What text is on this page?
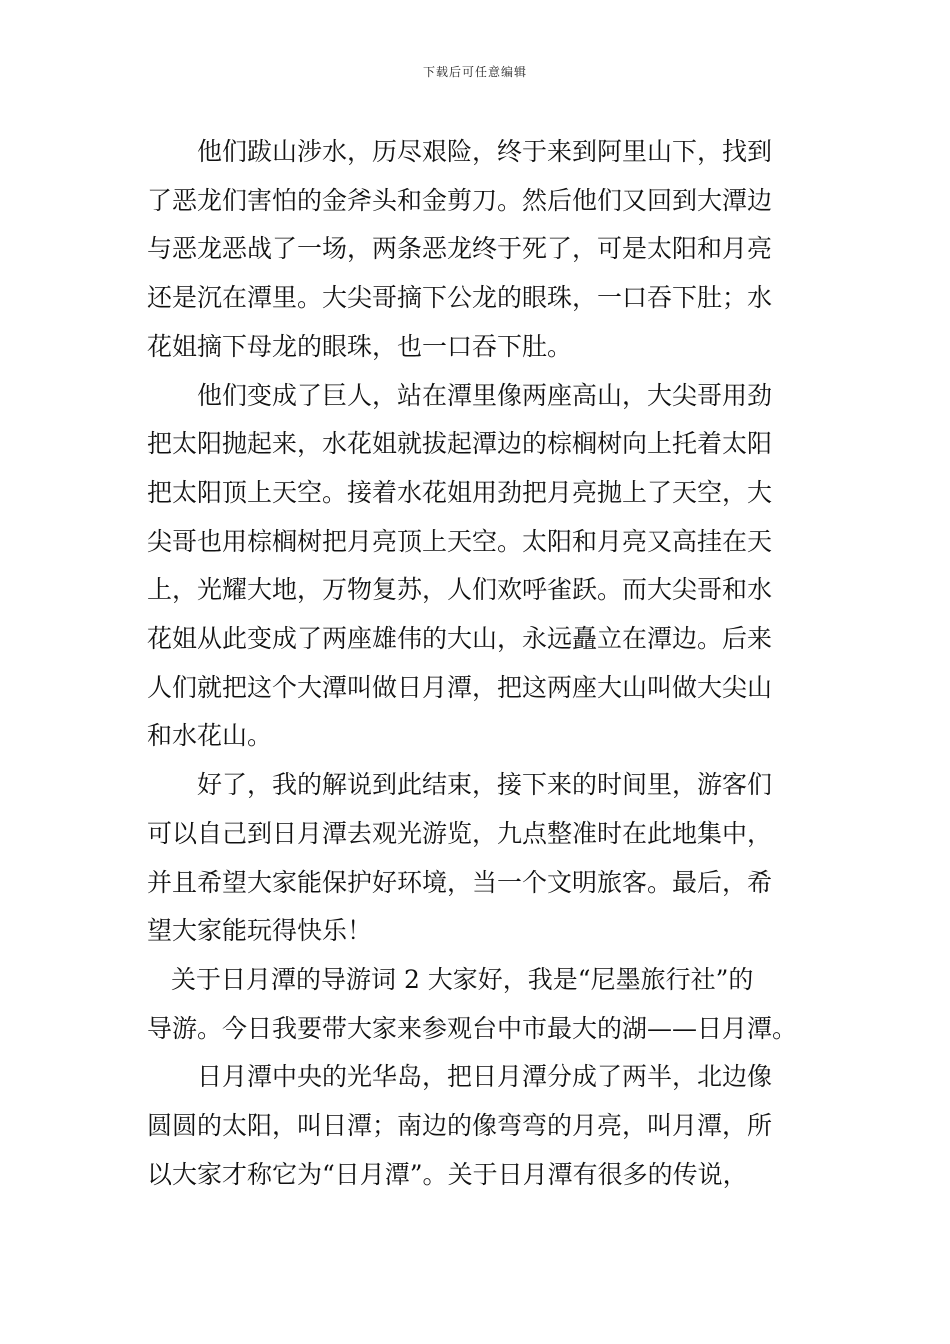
下载后可任意编辑

他们跋山涉水，历尽艰险，终于来到阿里山下，找到
了恶龙们害怕的金斧头和金剪刀。然后他们又回到大潭边
与恶龙恶战了一场，两条恶龙终于死了，可是太阳和月亮
还是沉在潭里。大尖哥摘下公龙的眼珠，一口吞下肚；水
花姐摘下母龙的眼珠，也一口吞下肚。

他们变成了巨人，站在潭里像两座高山，大尖哥用劲
把太阳抛起来，水花姐就拔起潭边的棕榈树向上托着太阳
把太阳顶上天空。接着水花姐用劲把月亮抛上了天空，大
尖哥也用棕榈树把月亮顶上天空。太阳和月亮又高挂在天
上，光耀大地，万物复苏，人们欢呼雀跃。而大尖哥和水
花姐从此变成了两座雄伟的大山，永远矗立在潭边。后来
人们就把这个大潭叫做日月潭，把这两座大山叫做大尖山
和水花山。

好了，我的解说到此结束，接下来的时间里，游客们
可以自己到日月潭去观光游览，九点整准时在此地集中，
并且希望大家能保护好环境，当一个文明旅客。最后，希
望大家能玩得快乐！

关于日月潭的导游词 2 大家好，我是“尼墨旅行社”的
导游。今日我要带大家来参观台中市最大的湖——日月潭。

日月潭中央的光华岛，把日月潭分成了两半，北边像
圆圆的太阳，叫日潭；南边的像弯弯的月亮，叫月潭，所
以大家才称它为“日月潭”。关于日月潭有很多的传说，
